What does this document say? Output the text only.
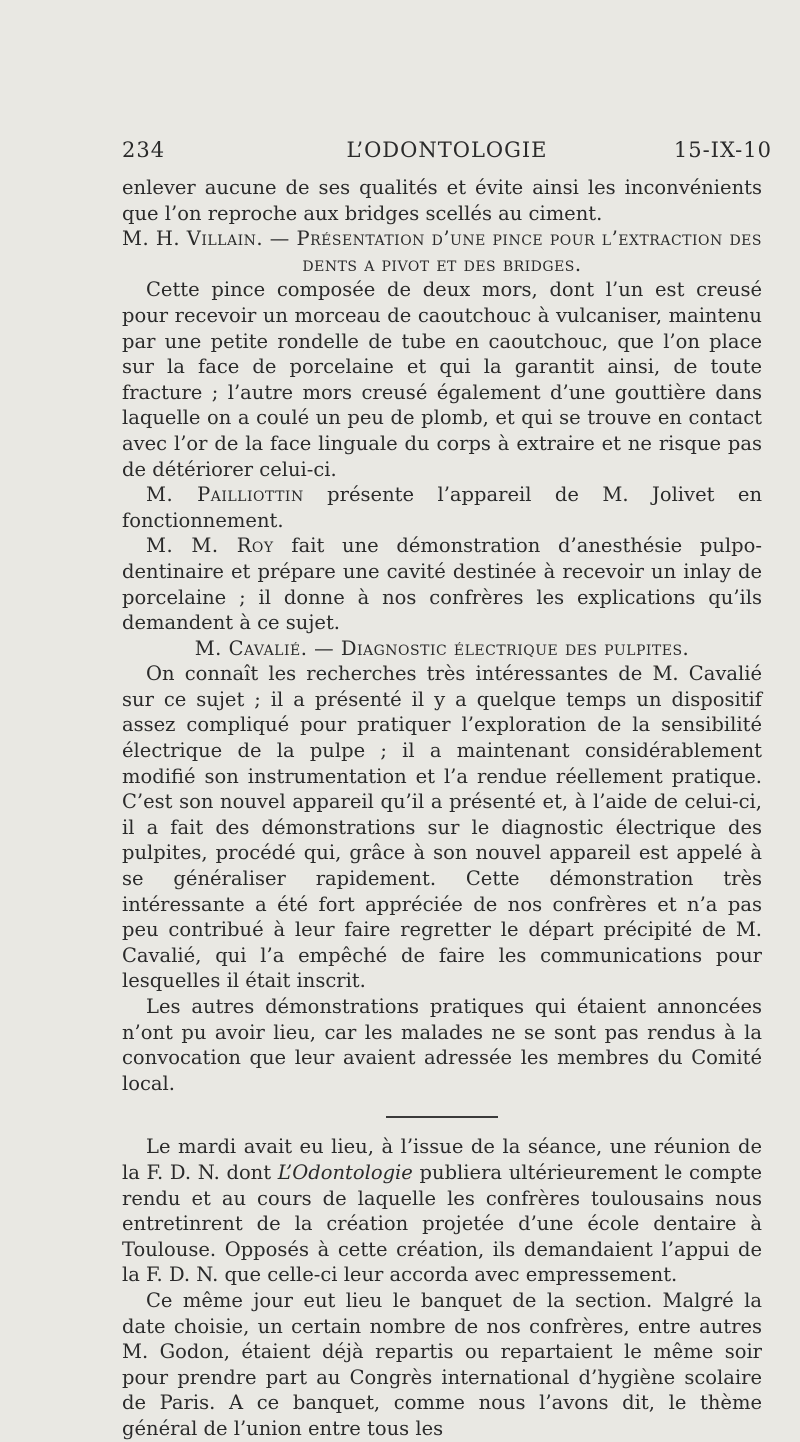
234	L’ODONTOLOGIE	15-IX-10

enlever aucune de ses qualités et évite ainsi les inconvénients que l’on reproche aux bridges scellés au ciment.

M. H. Villain. — Présentation d’une pince pour l’extraction des dents a pivot et des bridges.

Cette pince composée de deux mors, dont l’un est creusé pour recevoir un morceau de caoutchouc à vulcaniser, maintenu par une petite rondelle de tube en caoutchouc, que l’on place sur la face de porcelaine et qui la garantit ainsi, de toute fracture ; l’autre mors creusé également d’une gouttière dans laquelle on a coulé un peu de plomb, et qui se trouve en contact avec l’or de la face linguale du corps à extraire et ne risque pas de détériorer celui-ci.

M. Pailliottin présente l’appareil de M. Jolivet en fonctionnement.

M. M. Roy fait une démonstration d’anesthésie pulpo-dentinaire et prépare une cavité destinée à recevoir un inlay de porcelaine ; il donne à nos confrères les explications qu’ils demandent à ce sujet.

M. Cavalié. — Diagnostic électrique des pulpites.

On connaît les recherches très intéressantes de M. Cavalié sur ce sujet ; il a présenté il y a quelque temps un dispositif assez compliqué pour pratiquer l’exploration de la sensibilité électrique de la pulpe ; il a maintenant considérablement modifié son instrumentation et l’a rendue réellement pratique. C’est son nouvel appareil qu’il a présenté et, à l’aide de celui-ci, il a fait des démonstrations sur le diagnostic électrique des pulpites, procédé qui, grâce à son nouvel appareil est appelé à se généraliser rapidement. Cette démonstration très intéressante a été fort appréciée de nos confrères et n’a pas peu contribué à leur faire regretter le départ précipité de M. Cavalié, qui l’a empêché de faire les communications pour lesquelles il était inscrit.

Les autres démonstrations pratiques qui étaient annoncées n’ont pu avoir lieu, car les malades ne se sont pas rendus à la convocation que leur avaient adressée les membres du Comité local.

Le mardi avait eu lieu, à l’issue de la séance, une réunion de la F. D. N. dont L’Odontologie publiera ultérieurement le compte rendu et au cours de laquelle les confrères toulousains nous entretinrent de la création projetée d’une école dentaire à Toulouse. Opposés à cette création, ils demandaient l’appui de la F. D. N. que celle-ci leur accorda avec empressement.

Ce même jour eut lieu le banquet de la section. Malgré la date choisie, un certain nombre de nos confrères, entre autres M. Godon, étaient déjà repartis ou repartaient le même soir pour prendre part au Congrès international d’hygiène scolaire de Paris. A ce banquet, comme nous l’avons dit, le thème général de l’union entre tous les
